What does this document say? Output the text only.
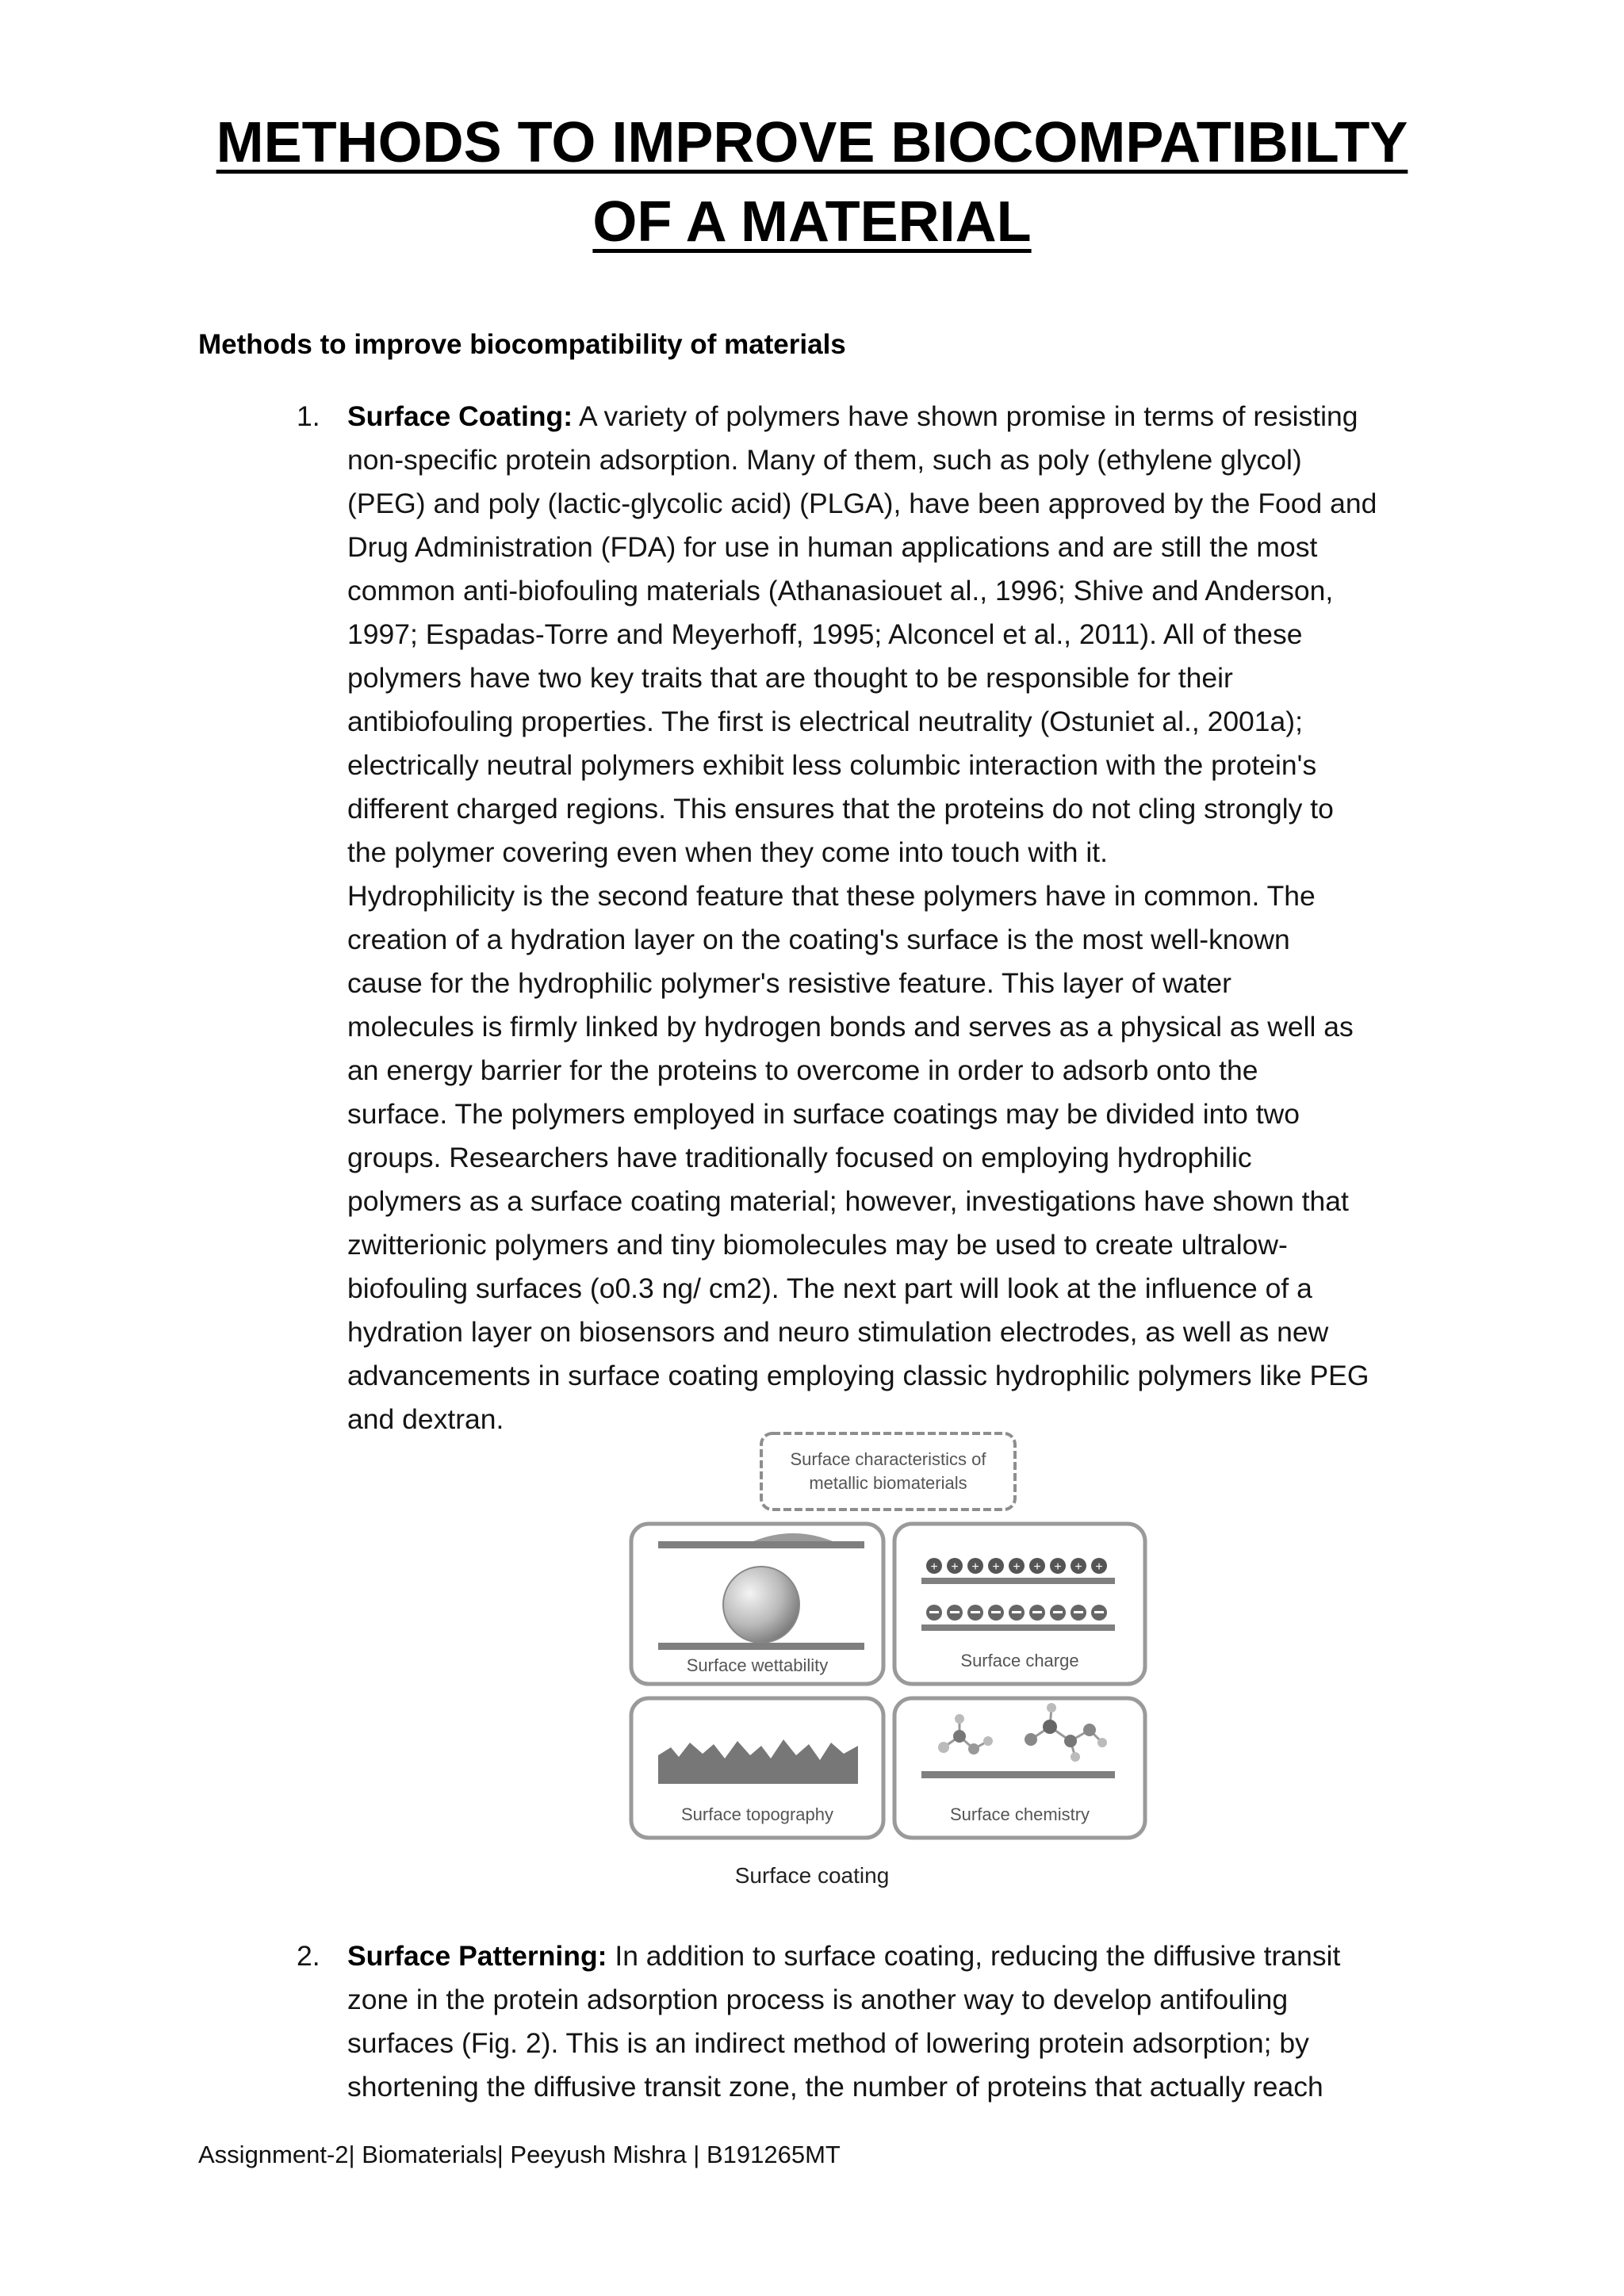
METHODS TO IMPROVE BIOCOMPATIBILTY
OF A MATERIAL
Methods to improve biocompatibility of materials
1. Surface Coating: A variety of polymers have shown promise in terms of resisting

non-specific protein adsorption. Many of them, such as poly (ethylene glycol)

(PEG) and poly (lactic-glycolic acid) (PLGA), have been approved by the Food and

Drug Administration (FDA) for use in human applications and are still the most

common anti-biofouling materials (Athanasiouet al., 1996; Shive and Anderson,

1997; Espadas-Torre and Meyerhoff, 1995; Alconcel et al., 2011). All of these

polymers have two key traits that are thought to be responsible for their

antibiofouling properties. The first is electrical neutrality (Ostuniet al., 2001a);

electrically neutral polymers exhibit less columbic interaction with the protein's

different charged regions. This ensures that the proteins do not cling strongly to

the polymer covering even when they come into touch with it.

Hydrophilicity is the second feature that these polymers have in common. The

creation of a hydration layer on the coating's surface is the most well-known

cause for the hydrophilic polymer's resistive feature. This layer of water

molecules is firmly linked by hydrogen bonds and serves as a physical as well as

an energy barrier for the proteins to overcome in order to adsorb onto the

surface. The polymers employed in surface coatings may be divided into two

groups. Researchers have traditionally focused on employing hydrophilic

polymers as a surface coating material; however, investigations have shown that

zwitterionic polymers and tiny biomolecules may be used to create ultralow-

biofouling surfaces (o0.3 ng/ cm2). The next part will look at the influence of a

hydration layer on biosensors and neuro stimulation electrodes, as well as new

advancements in surface coating employing classic hydrophilic polymers like PEG

and dextran.

Surface characteristics of
metallic biomaterials
Surface wettability
+ + + + + + + + +
Surface charge
Surface topography	Surface chemistry
Surface coating
2. Surface Patterning: In addition to surface coating, reducing the diffusive transit

zone in the protein adsorption process is another way to develop antifouling

surfaces (Fig. 2). This is an indirect method of lowering protein adsorption; by

shortening the diffusive transit zone, the number of proteins that actually reach

Assignment-2| Biomaterials| Peeyush Mishra | B191265MT
